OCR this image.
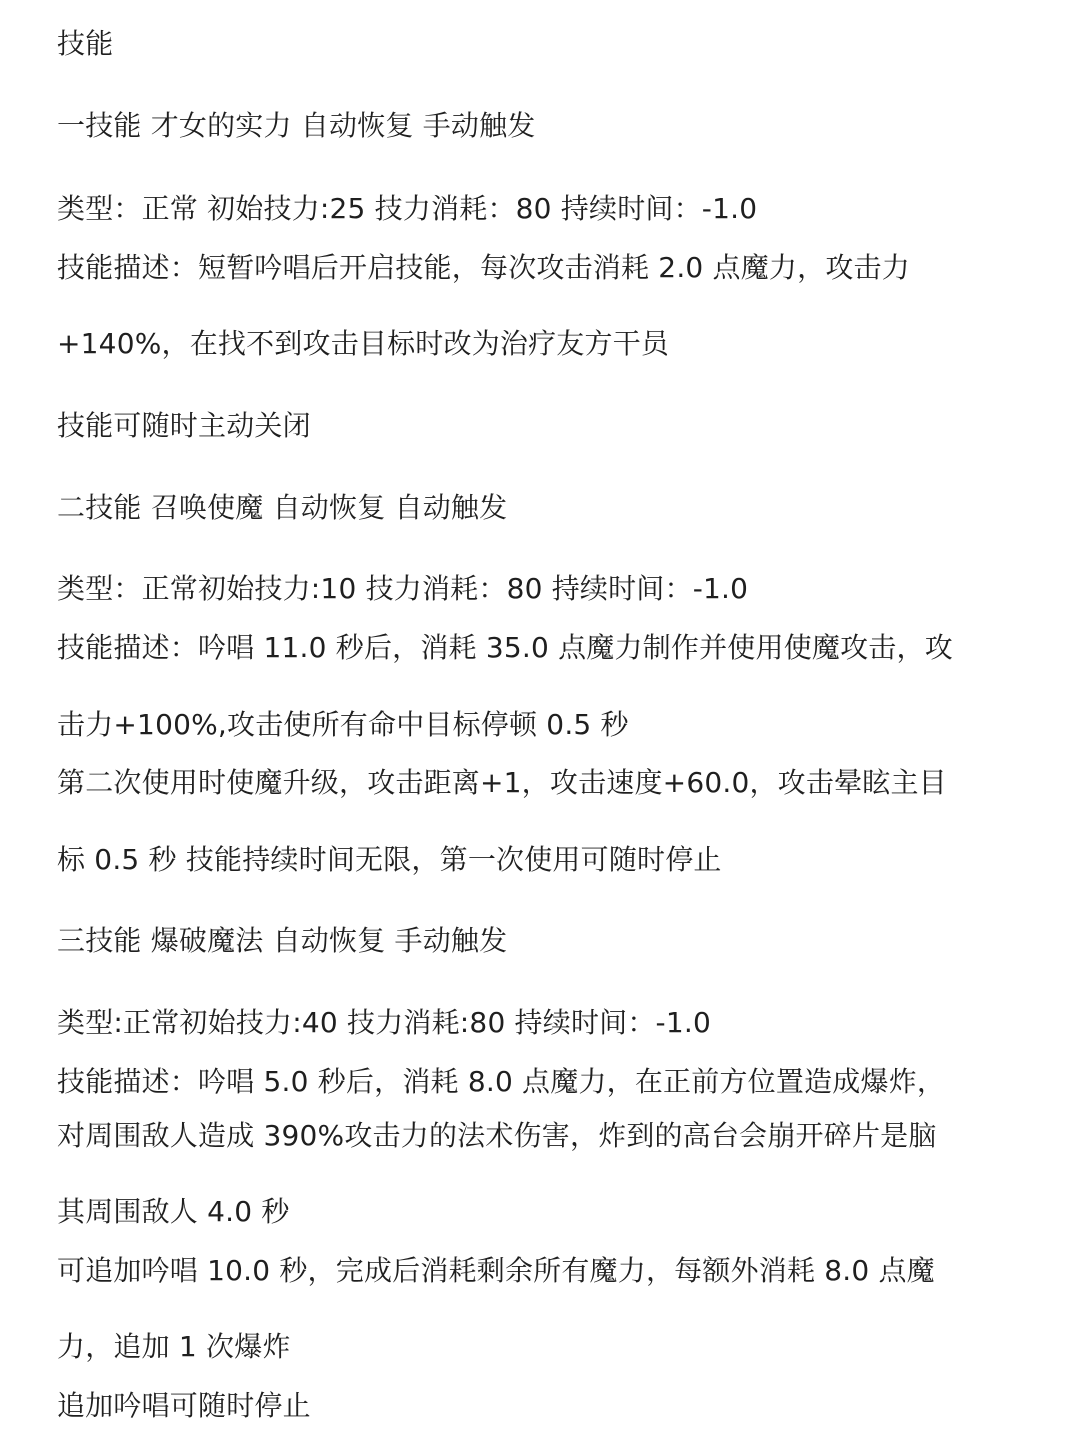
技能
一技能 才女的实力 自动恢复 手动触发
类型：正常 初始技力:25 技力消耗：80 持续时间：-1.0
技能描述：短暂吟唱后开启技能，每次攻击消耗 2.0 点魔力，攻击力
+140%，在找不到攻击目标时改为治疗友方干员
技能可随时主动关闭
二技能 召唤使魔 自动恢复 自动触发
类型：正常初始技力:10 技力消耗：80 持续时间：-1.0
技能描述：吟唱 11.0 秒后，消耗 35.0 点魔力制作并使用使魔攻击，攻
击力+100%,攻击使所有命中目标停顿 0.5 秒
第二次使用时使魔升级，攻击距离+1，攻击速度+60.0，攻击晕眩主目
标 0.5 秒 技能持续时间无限，第一次使用可随时停止
三技能 爆破魔法 自动恢复 手动触发
类型:正常初始技力:40 技力消耗:80 持续时间：-1.0
技能描述：吟唱 5.0 秒后，消耗 8.0 点魔力，在正前方位置造成爆炸，
对周围敌人造成 390%攻击力的法术伤害，炸到的高台会崩开碎片是脑
其周围敌人 4.0 秒
可追加吟唱 10.0 秒，完成后消耗剩余所有魔力，每额外消耗 8.0 点魔
力，追加 1 次爆炸
追加吟唱可随时停止
